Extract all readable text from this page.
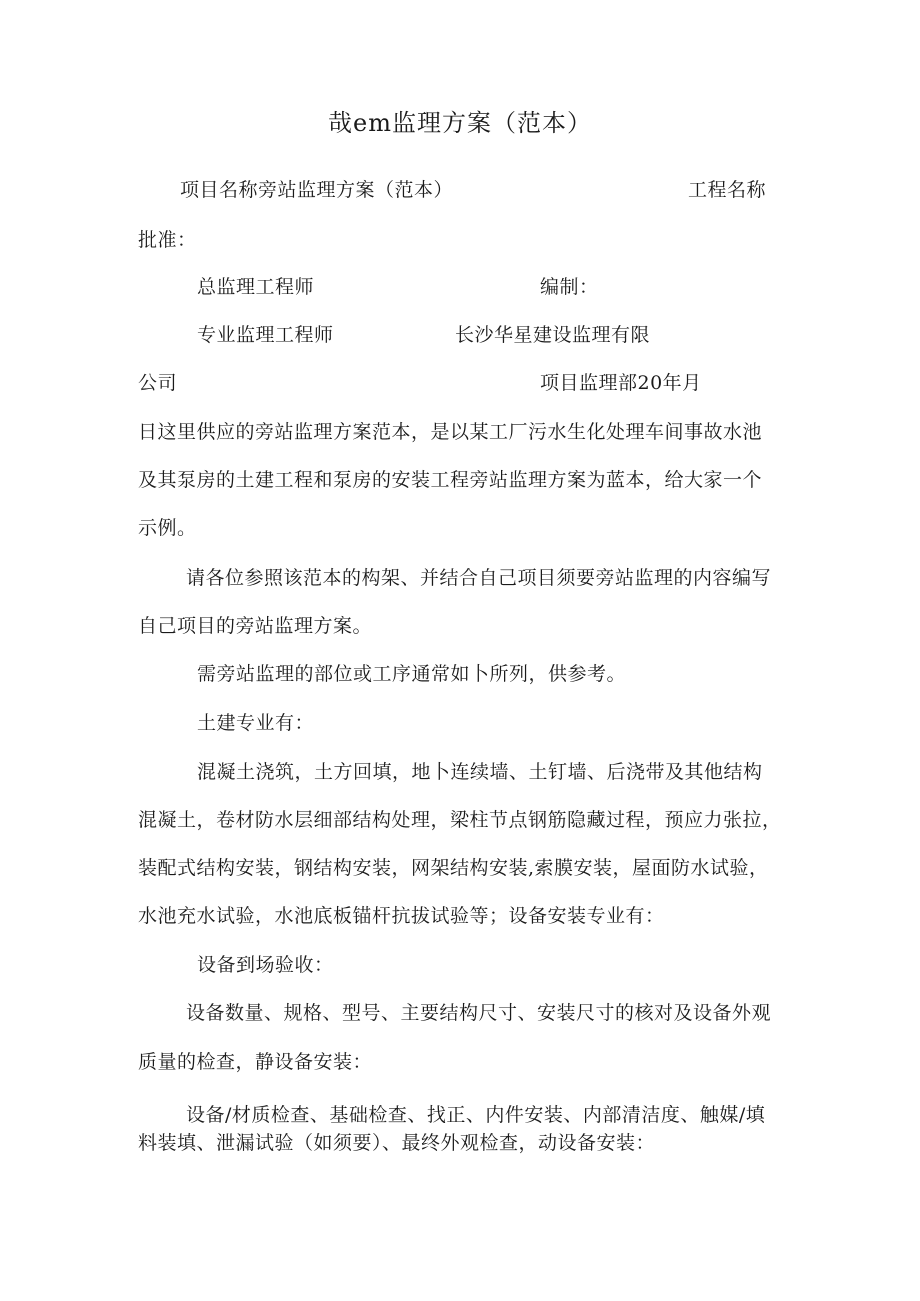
哉em监理方案（范本）
项目名称旁站监理方案（范本）	工程名称
批准：
总监理工程师	编制：
专业监理工程师	长沙华星建设监理有限
公司	项目监理部20年月
日这里供应的旁站监理方案范本，是以某工厂污水生化处理车间事故水池
及其泵房的土建工程和泵房的安装工程旁站监理方案为蓝本，给大家一个
示例。
请各位参照该范本的构架、并结合自己项目须要旁站监理的内容编写
自己项目的旁站监理方案。
需旁站监理的部位或工序通常如卜所列，供参考。
土建专业有：
混凝土浇筑，土方回填，地卜连续墙、土钉墙、后浇带及其他结构
混凝土，卷材防水层细部结构处理，梁柱节点钢筋隐藏过程，预应力张拉，
装配式结构安装，钢结构安装，网架结构安装,索膜安装，屋面防水试验，
水池充水试验，水池底板锚杆抗拔试验等；设备安装专业有：
设备到场验收：
设备数量、规格、型号、主要结构尺寸、安装尺寸的核对及设备外观
质量的检查，静设备安装：
设备/材质检查、基础检查、找正、内件安装、内部清洁度、触媒/填
料装填、泄漏试验（如须要）、最终外观检查，动设备安装：
